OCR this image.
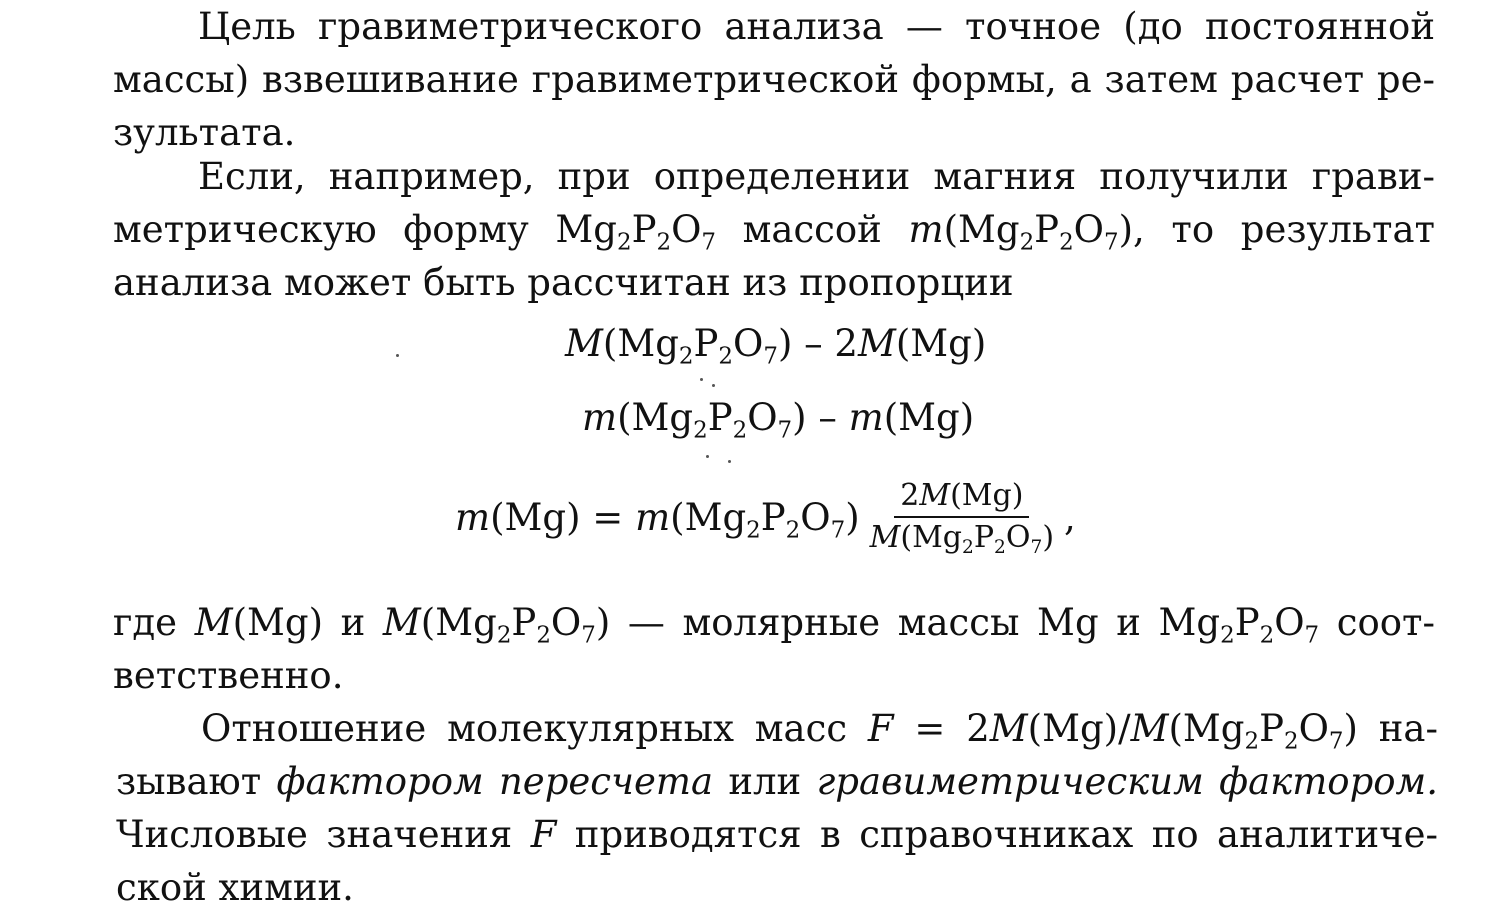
Цель гравиметрического анализа — точное (до постоянной массы) взвешивание гравиметрической формы, а затем расчет результата.

Если, например, при определении магния получили гравиметрическую форму $Mg_2P_2O_7$ массой $m(Mg_2P_2O_7)$, то результат анализа может быть рассчитан из пропорции

$M(Mg_2P_2O_7) - 2M(Mg)$
$m(Mg_2P_2O_7) - m(Mg)$
$m(Mg) = m(Mg_2P_2O_7) \frac{2M(Mg)}{M(Mg_2P_2O_7)}$ ,

где M(Mg) и $M(Mg_2P_2O_7)$ — молярные массы Mg и $Mg_2P_2O_7$ соответственно.

Отношение молекулярных масс $F = 2M(Mg)/M(Mg_2P_2O_7)$ называют фактором пересчета или гравиметрическим фактором. Числовые значения F приводятся в справочниках по аналитической химии.
